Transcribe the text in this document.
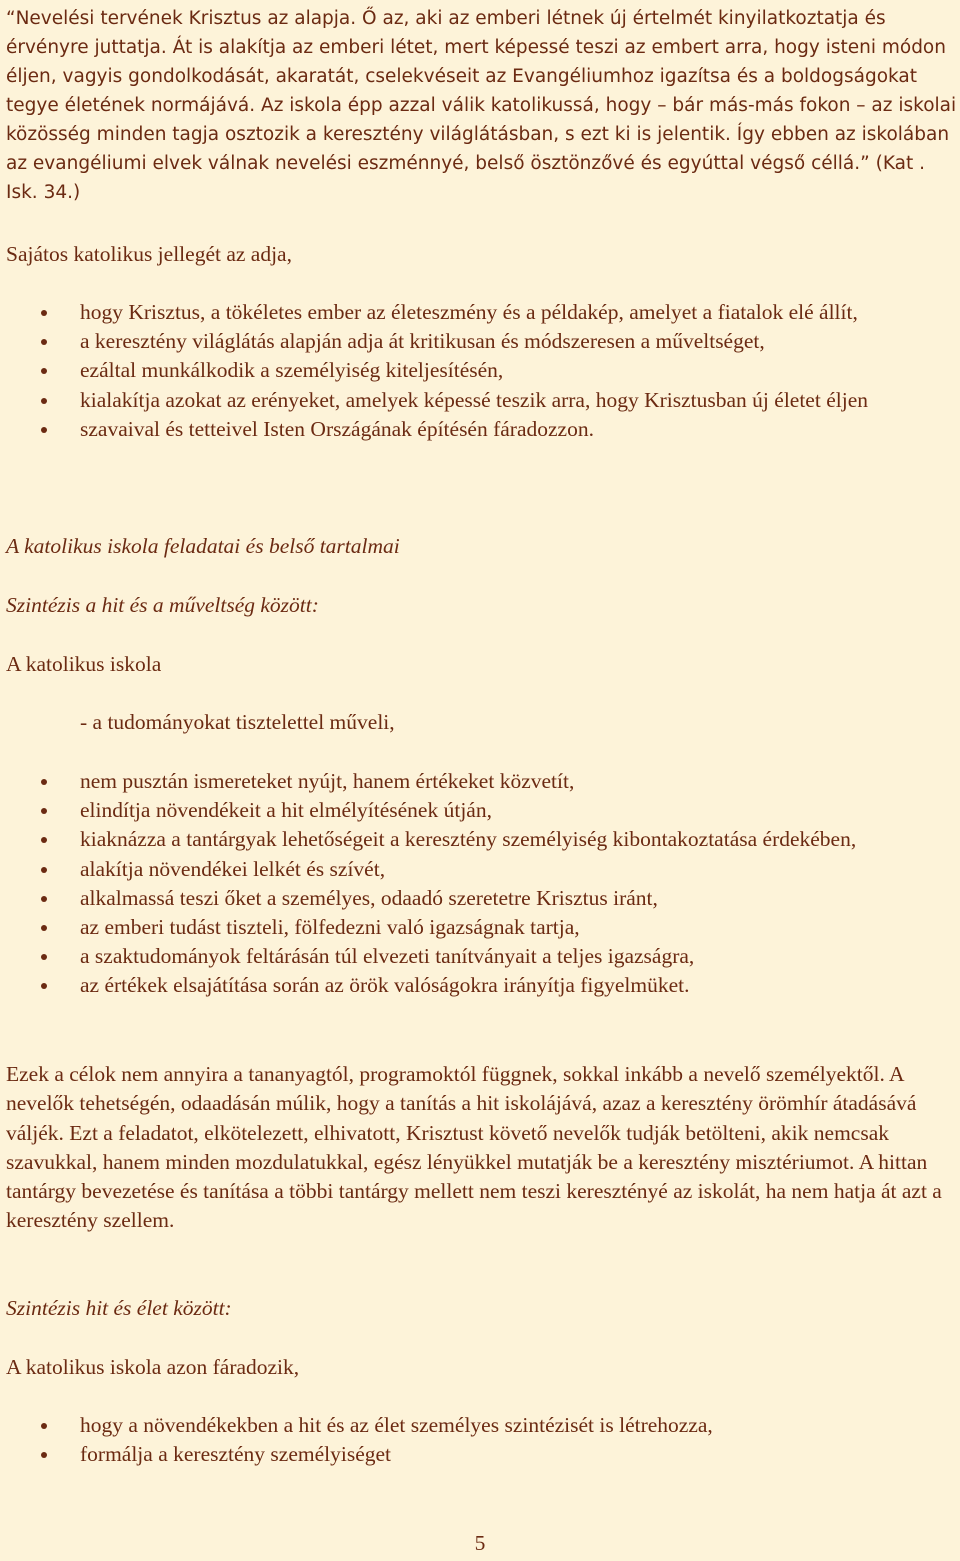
“Nevelési tervének Krisztus az alapja. Ő az, aki az emberi létnek új értelmét kinyilatkoztatja és érvényre juttatja. Át is alakítja az emberi létet, mert képessé teszi az embert arra, hogy isteni módon éljen, vagyis gondolkodását, akaratát, cselekvéseit az Evangéliumhoz igazítsa és a boldogságokat tegye életének normájává. Az iskola épp azzal válik katolikussá, hogy – bár más-más fokon – az iskolai közösség minden tagja osztozik a keresztény világlátásban, s ezt ki is jelentik. Így ebben az iskolában az evangéliumi elvek válnak nevelési eszménnyé, belső ösztönzővé és egyúttal végső céllá.” (Kat . Isk. 34.)

Sajátos katolikus jellegét az adja,

hogy Krisztus, a tökéletes ember az életeszmény és a példakép, amelyet a fiatalok elé állít,
a keresztény világlátás alapján adja át kritikusan és módszeresen a műveltséget,
ezáltal munkálkodik a személyiség kiteljesítésén,
kialakítja azokat az erényeket, amelyek képessé teszik arra, hogy Krisztusban új életet éljen
szavaival és tetteivel Isten Országának építésén fáradozzon.

A katolikus iskola feladatai és belső tartalmai

Szintézis a hit és a műveltség között:

A katolikus iskola

- a tudományokat tisztelettel műveli,

nem pusztán ismereteket nyújt, hanem értékeket közvetít,
elindítja növendékeit a hit elmélyítésének útján,
kiaknázza a tantárgyak lehetőségeit a keresztény személyiség kibontakoztatása érdekében,
alakítja növendékei lelkét és szívét,
alkalmassá teszi őket a személyes, odaadó szeretetre Krisztus iránt,
az emberi tudást tiszteli, fölfedezni való igazságnak tartja,
a szaktudományok feltárásán túl elvezeti tanítványait a teljes igazságra,
az értékek elsajátítása során az örök valóságokra irányítja figyelmüket.

Ezek a célok nem annyira a tananyagtól, programoktól függnek, sokkal inkább a nevelő személyektől. A nevelők tehetségén, odaadásán múlik, hogy a tanítás a hit iskolájává, azaz a keresztény örömhír átadásává váljék. Ezt a feladatot, elkötelezett, elhivatott, Krisztust követő nevelők tudják betölteni, akik nemcsak szavukkal, hanem minden mozdulatukkal, egész lényükkel mutatják be a keresztény misztériumot. A hittan tantárgy bevezetése és tanítása a többi tantárgy mellett nem teszi keresztényé az iskolát, ha nem hatja át azt a keresztény szellem.

Szintézis hit és élet között:

A katolikus iskola azon fáradozik,

hogy a növendékekben a hit és az élet személyes szintézisét is létrehozza,
formálja a keresztény személyiséget
5
